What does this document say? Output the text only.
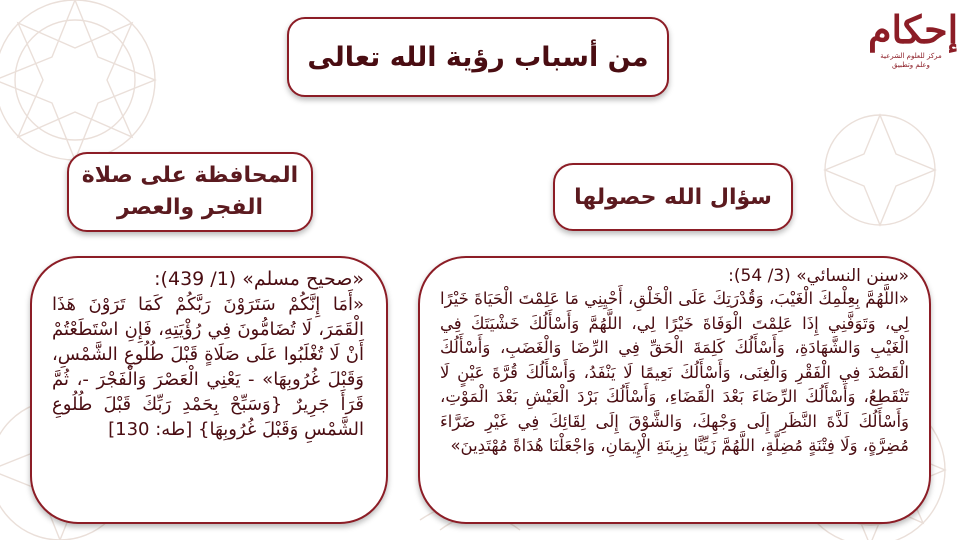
إحكام
مركز للعلوم الشرعية
وعلم وتطبيق
من أسباب رؤية الله تعالى
المحافظة على صلاة الفجر والعصر	سؤال الله حصولها
«صحيح مسلم» (1/ 439):
«أَمَا إِنَّكُمْ سَتَرَوْنَ رَبَّكُمْ كَمَا تَرَوْنَ هَذَا الْقَمَرَ، لَا تُضَامُّونَ فِي رُؤْيَتِهِ، فَإِنِ اسْتَطَعْتُمْ أَنْ لَا تُغْلَبُوا عَلَى صَلَاةٍ قَبْلَ طُلُوعِ الشَّمْسِ، وَقَبْلَ غُرُوبِهَا» - يَعْنِي الْعَصْرَ وَالْفَجْرَ -، ثُمَّ قَرَأَ جَرِيرٌ {وَسَبِّحْ بِحَمْدِ رَبِّكَ قَبْلَ طُلُوعِ الشَّمْسِ وَقَبْلَ غُرُوبِهَا} [طه: 130]
«سنن النسائي» (3/ 54):
«اللَّهُمَّ بِعِلْمِكَ الْغَيْبَ، وَقُدْرَتِكَ عَلَى الْخَلْقِ، أَحْيِنِي مَا عَلِمْتَ الْحَيَاةَ خَيْرًا لِي، وَتَوَفَّنِي إِذَا عَلِمْتَ الْوَفَاةَ خَيْرًا لِي، اللَّهُمَّ وَأَسْأَلُكَ خَشْيَتَكَ فِي الْغَيْبِ وَالشَّهَادَةِ، وَأَسْأَلُكَ كَلِمَةَ الْحَقِّ فِي الرِّضَا وَالْغَضَبِ، وَأَسْأَلُكَ الْقَصْدَ فِي الْفَقْرِ وَالْغِنَى، وَأَسْأَلُكَ نَعِيمًا لَا يَنْفَدُ، وَأَسْأَلُكَ قُرَّةَ عَيْنٍ لَا تَنْقَطِعُ، وَأَسْأَلُكَ الرِّضَاءَ بَعْدَ الْقَضَاءِ، وَأَسْأَلُكَ بَرْدَ الْعَيْشِ بَعْدَ الْمَوْتِ، وَأَسْأَلُكَ لَذَّةَ النَّظَرِ إِلَى وَجْهِكَ، وَالشَّوْقَ إِلَى لِقَائِكَ فِي غَيْرِ ضَرَّاءَ مُضِرَّةٍ، وَلَا فِتْنَةٍ مُضِلَّةٍ، اللَّهُمَّ زَيِّنَّا بِزِينَةِ الْإِيمَانِ، وَاجْعَلْنَا هُدَاةً مُهْتَدِينَ»
